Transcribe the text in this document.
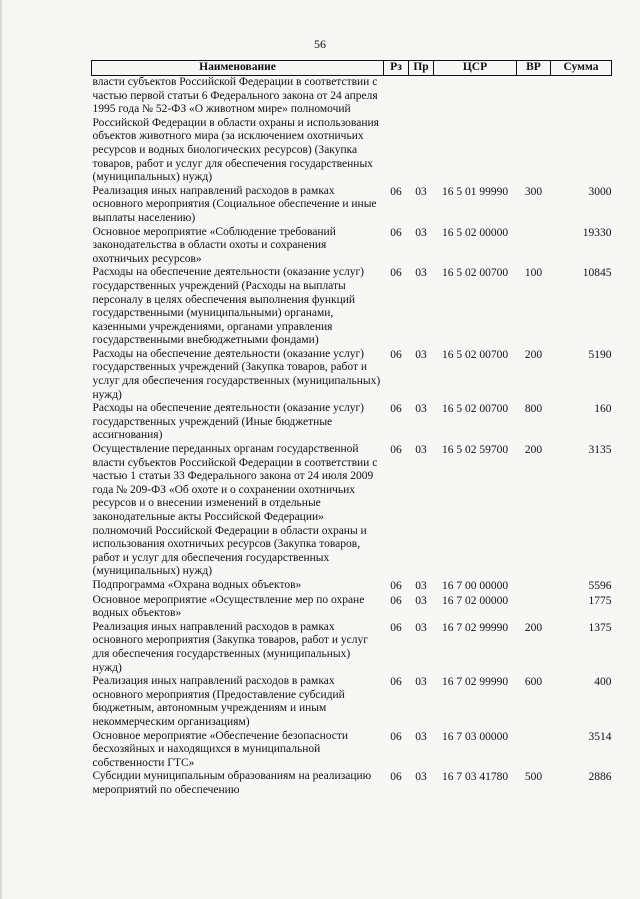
56
Наименование	Рз	Пр	ЦСР	ВР	Сумма
власти субъектов Российской Федерации в соответствии с частью первой статьи 6 Федерального закона от 24 апреля 1995 года № 52-ФЗ «О животном мире» полномочий Российской Федерации в области охраны и использования объектов животного мира (за исключением охотничьих ресурсов и водных биологических ресурсов) (Закупка товаров, работ и услуг для обеспечения государственных (муниципальных) нужд)					
Реализация иных направлений расходов в рамках основного мероприятия (Социальное обеспечение и иные выплаты населению)	06	03	16 5 01 99990	300	3000
Основное мероприятие «Соблюдение требований законодательства в области охоты и сохранения охотничьих ресурсов»	06	03	16 5 02 00000		19330
Расходы на обеспечение деятельности (оказание услуг) государственных учреждений (Расходы на выплаты персоналу в целях обеспечения выполнения функций государственными (муниципальными) органами, казенными учреждениями, органами управления государственными внебюджетными фондами)	06	03	16 5 02 00700	100	10845
Расходы на обеспечение деятельности (оказание услуг) государственных учреждений (Закупка товаров, работ и услуг для обеспечения государственных (муниципальных) нужд)	06	03	16 5 02 00700	200	5190
Расходы на обеспечение деятельности (оказание услуг) государственных учреждений (Иные бюджетные ассигнования)	06	03	16 5 02 00700	800	160
Осуществление переданных органам государственной власти субъектов Российской Федерации в соответствии с частью 1 статьи 33 Федерального закона от 24 июля 2009 года № 209-ФЗ «Об охоте и о сохранении охотничьих ресурсов и о внесении изменений в отдельные законодательные акты Российской Федерации» полномочий Российской Федерации в области охраны и использования охотничьих ресурсов (Закупка товаров, работ и услуг для обеспечения государственных (муниципальных) нужд)	06	03	16 5 02 59700	200	3135
Подпрограмма «Охрана водных объектов»	06	03	16 7 00 00000		5596
Основное мероприятие «Осуществление мер по охране водных объектов»	06	03	16 7 02 00000		1775
Реализация иных направлений расходов в рамках основного мероприятия (Закупка товаров, работ и услуг для обеспечения государственных (муниципальных) нужд)	06	03	16 7 02 99990	200	1375
Реализация иных направлений расходов в рамках основного мероприятия (Предоставление субсидий бюджетным, автономным учреждениям и иным некоммерческим организациям)	06	03	16 7 02 99990	600	400
Основное мероприятие «Обеспечение безопасности бесхозяйных и находящихся в муниципальной собственности ГТС»	06	03	16 7 03 00000		3514
Субсидии муниципальным образованиям на реализацию мероприятий по обеспечению	06	03	16 7 03 41780	500	2886
